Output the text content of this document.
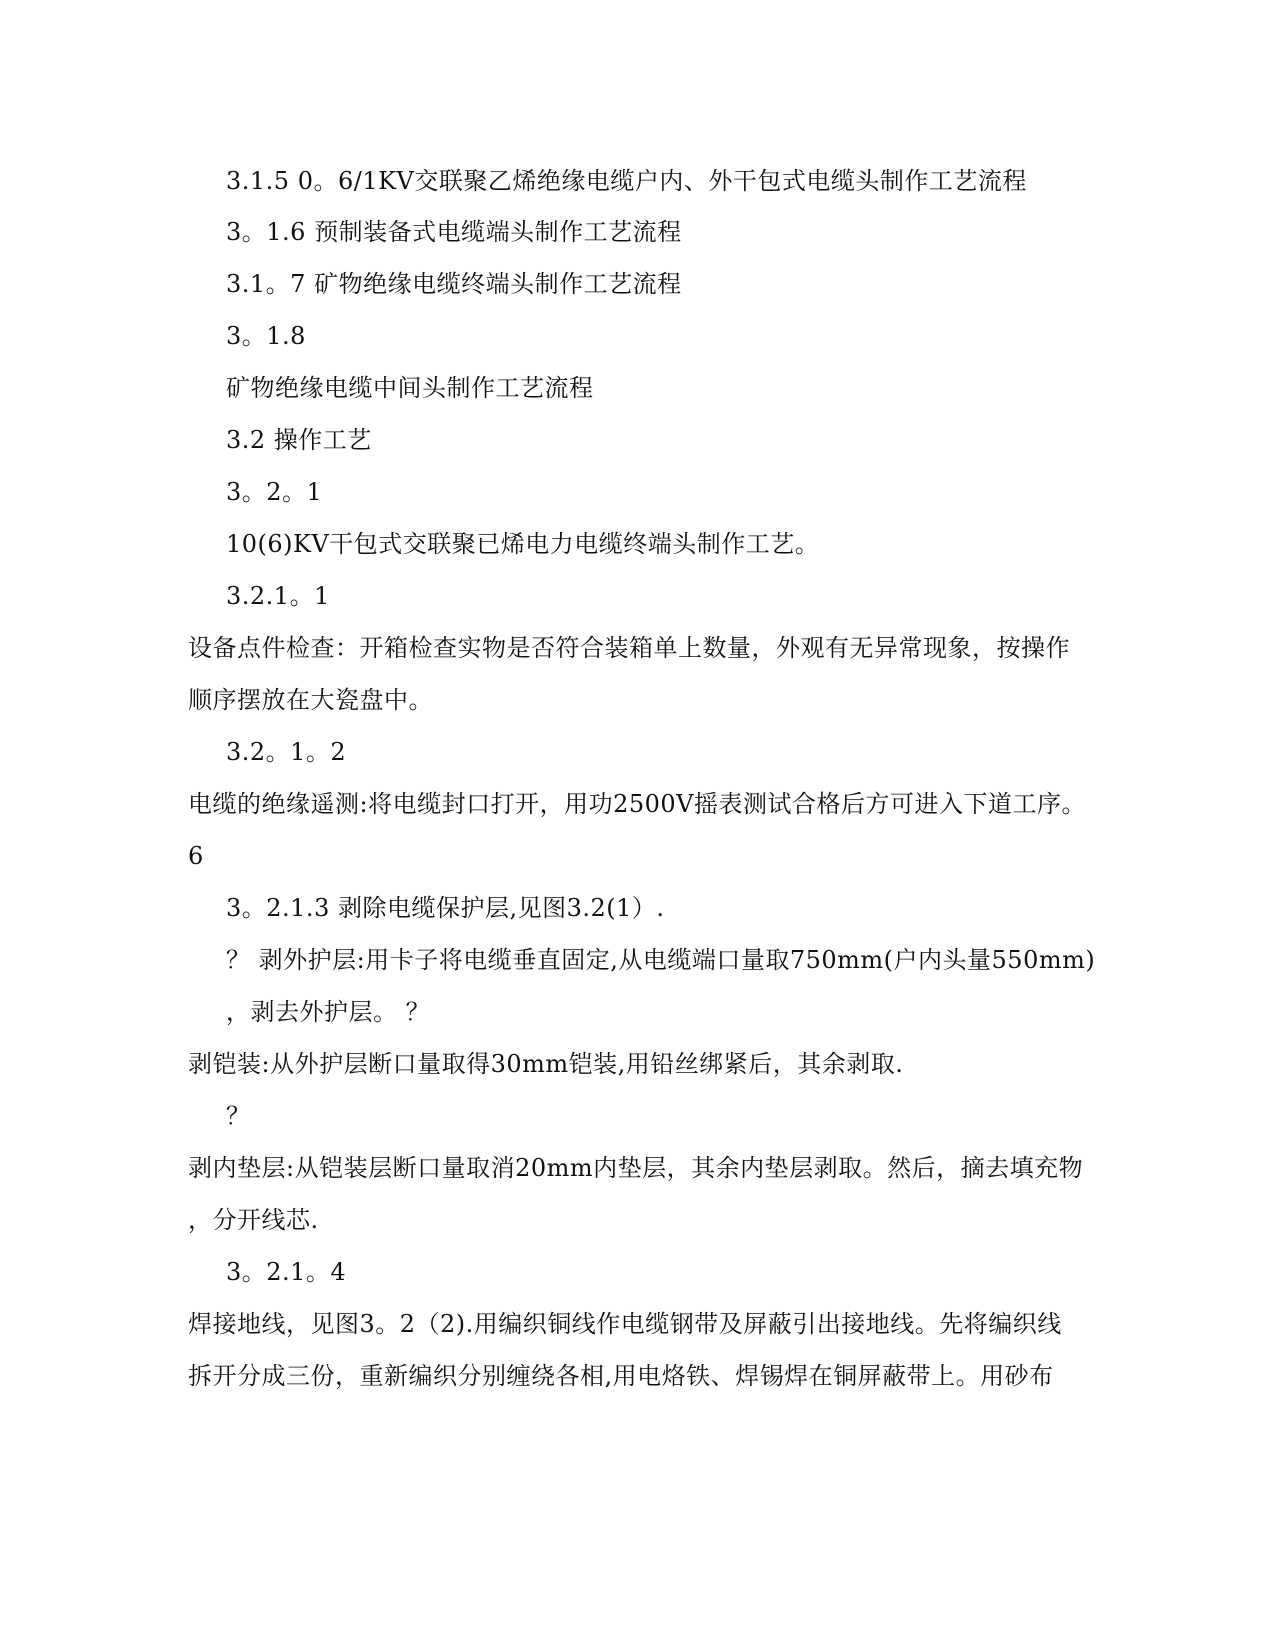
3.1.5 0。6/1KV交联聚乙烯绝缘电缆户内、外干包式电缆头制作工艺流程
3。1.6 预制装备式电缆端头制作工艺流程
3.1。7 矿物绝缘电缆终端头制作工艺流程
3。1.8
矿物绝缘电缆中间头制作工艺流程
3.2 操作工艺
3。2。1
10(6)KV干包式交联聚已烯电力电缆终端头制作工艺。
3.2.1。1
设备点件检查：开箱检查实物是否符合装箱单上数量，外观有无异常现象，按操作
顺序摆放在大瓷盘中。
3.2。1。2
电缆的绝缘遥测:将电缆封口打开，用功2500V摇表测试合格后方可进入下道工序。
6
3。2.1.3 剥除电缆保护层,见图3.2(1）.
？ 剥外护层:用卡子将电缆垂直固定,从电缆端口量取750mm(户内头量550mm)
，剥去外护层。 ？
剥铠装:从外护层断口量取得30mm铠装,用铅丝绑紧后，其余剥取.
？
剥内垫层:从铠装层断口量取消20mm内垫层，其余内垫层剥取。然后，摘去填充物
，分开线芯.
3。2.1。4
焊接地线，见图3。2（2).用编织铜线作电缆钢带及屏蔽引出接地线。先将编织线
拆开分成三份，重新编织分别缠绕各相,用电烙铁、焊锡焊在铜屏蔽带上。用砂布
